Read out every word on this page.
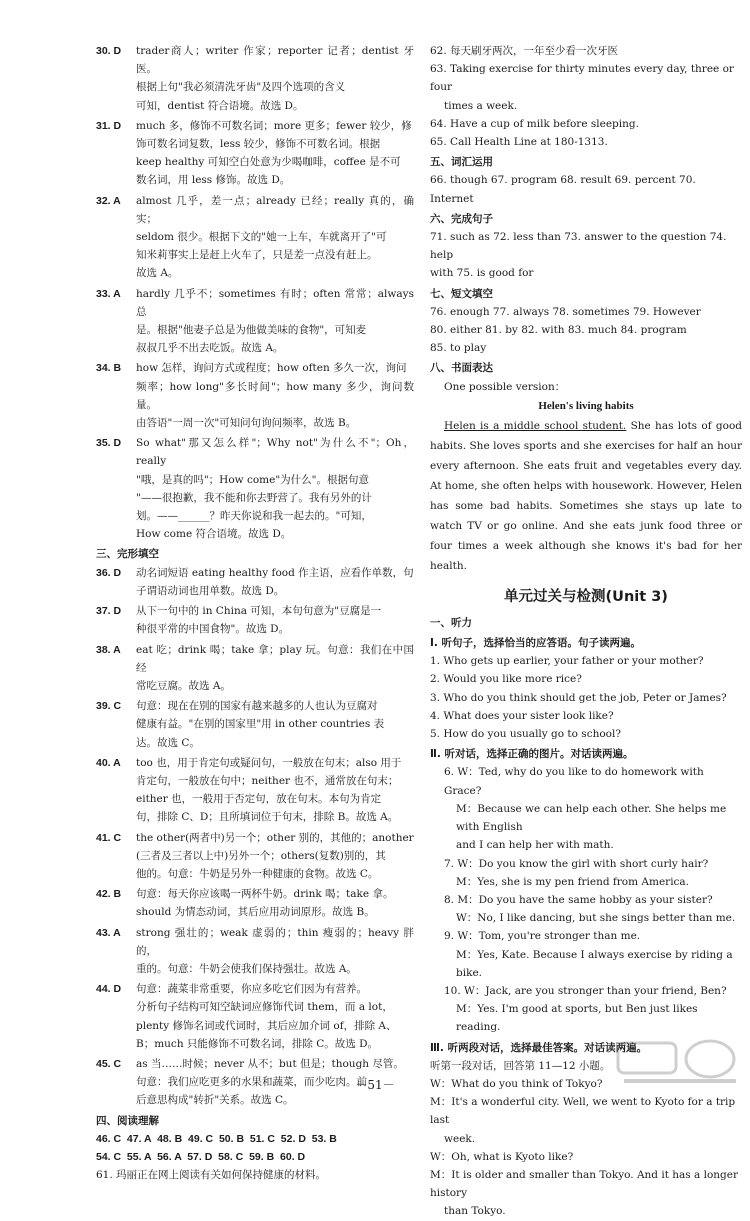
30. D	trader商人；writer 作家；reporter 记者；dentist 牙医。
根据上句"我必须清洗牙齿"及四个选项的含义
可知，dentist 符合语境。故选 D。
31. D	much 多，修饰不可数名词；more 更多；fewer 较少，修
饰可数名词复数，less 较少，修饰不可数名词。根据
keep healthy 可知空白处意为少喝咖啡，coffee 是不可
数名词，用 less 修饰。故选 D。
32. A	almost 几乎，差一点；already 已经；really 真的，确实；
seldom 很少。根据下文的"她一上车，车就离开了"可
知米莉事实上是赶上火车了，只是差一点没有赶上。
故选 A。
33. A	hardly 几乎不；sometimes 有时；often 常常；always 总
是。根据"他妻子总是为他做美味的食物"，可知麦
叔叔几乎不出去吃饭。故选 A。
34. B	how 怎样，询问方式或程度；how often 多久一次，询问
频率；how long"多长时间"；how many 多少，询问数量。
由答语"一周一次"可知问句询问频率，故选 B。
35. D	So what"那又怎么样"；Why not"为什么不"；Oh，really
"哦，是真的吗"；How come"为什么"。根据句意
"——很抱歉，我不能和你去野营了。我有另外的计
划。——______？昨天你说和我一起去的。"可知，
How come 符合语境。故选 D。
三、完形填空
36. D	动名词短语 eating healthy food 作主语，应看作单数，句
子谓语动词也用单数。故选 D。
37. D	从下一句中的 in China 可知，本句句意为"豆腐是一
种很平常的中国食物"。故选 D。
38. A	eat 吃；drink 喝；take 拿；play 玩。句意：我们在中国经
常吃豆腐。故选 A。
39. C	句意：现在在别的国家有越来越多的人也认为豆腐对
健康有益。"在别的国家里"用 in other countries 表
达。故选 C。
40. A	too 也，用于肯定句或疑问句，一般放在句末；also 用于
肯定句，一般放在句中；neither 也不，通常放在句末；
either 也，一般用于否定句，放在句末。本句为肯定
句，排除 C、D；且所填词位于句末，排除 B。故选 A。
41. C	the other(两者中)另一个；other 别的，其他的；another
(三者及三者以上中)另外一个；others(复数)别的，其
他的。句意：牛奶是另外一种健康的食物。故选 C。
42. B	句意：每天你应该喝一两杯牛奶。drink 喝；take 拿。
should 为情态动词，其后应用动词原形。故选 B。
43. A	strong 强壮的；weak 虚弱的；thin 瘦弱的；heavy 胖的，
重的。句意：牛奶会使我们保持强壮。故选 A。
44. D	句意：蔬菜非常重要，你应多吃它们因为有营养。
分析句子结构可知空缺词应修饰代词 them，而 a lot，
plenty 修饰名词或代词时，其后应加介词 of，排除 A、
B；much 只能修饰不可数名词，排除 C。故选 D。
45. C	as 当……时候；never 从不；but 但是；though 尽管。
句意：我们应吃更多的水果和蔬菜，而少吃肉。前
后意思构成"转折"关系。故选 C。
四、阅读理解
46. C  47. A  48. B  49. C  50. B  51. C  52. D  53. B
54. C  55. A  56. A  57. D  58. C  59. B  60. D
61. 玛丽正在网上阅读有关如何保持健康的材料。
62. 每天刷牙两次，一年至少看一次牙医
63. Taking exercise for thirty minutes every day, three or four
times a week.
64. Have a cup of milk before sleeping.
65. Call Health Line at 180-1313.
五、词汇运用
66. though 67. program 68. result 69. percent 70. Internet
六、完成句子
71. such as 72. less than 73. answer to the question 74. help
with 75. is good for
七、短文填空
76. enough 77. always 78. sometimes 79. However
80. either 81. by 82. with 83. much 84. program
85. to play
八、书面表达
One possible version：
Helen's living habits
Helen is a middle school student. She has lots of good habits. She loves sports and she exercises for half an hour every afternoon. She eats fruit and vegetables every day. At home, she often helps with housework. However, Helen has some bad habits. Sometimes she stays up late to watch TV or go online. And she eats junk food three or four times a week although she knows it's bad for her health.
单元过关与检测(Unit 3)
一、听力
Ⅰ. 听句子，选择恰当的应答语。句子读两遍。
1. Who gets up earlier, your father or your mother?
2. Would you like more rice?
3. Who do you think should get the job, Peter or James?
4. What does your sister look like?
5. How do you usually go to school?
Ⅱ. 听对话，选择正确的图片。对话读两遍。
6. W：Ted, why do you like to do homework with Grace?
M：Because we can help each other. She helps me with English
and I can help her with math.
7. W：Do you know the girl with short curly hair?
M：Yes, she is my pen friend from America.
8. M：Do you have the same hobby as your sister?
W：No, I like dancing, but she sings better than me.
9. W：Tom, you're stronger than me.
M：Yes, Kate. Because I always exercise by riding a bike.
10. W：Jack, are you stronger than your friend, Ben?
M：Yes. I'm good at sports, but Ben just likes reading.
Ⅲ. 听两段对话，选择最佳答案。对话读两遍。
听第一段对话，回答第 11—12 小题。
W：What do you think of Tokyo?
M：It's a wonderful city. Well, we went to Kyoto for a trip last
week.
W：Oh, what is Kyoto like?
M：It is older and smaller than Tokyo. And it has a longer history
than Tokyo.
－51－
